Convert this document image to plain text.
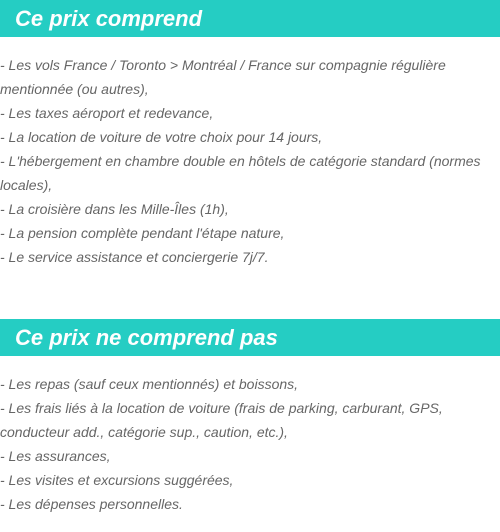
Ce prix comprend
- Les vols France / Toronto > Montréal / France sur compagnie régulière mentionnée (ou autres),
- Les taxes aéroport et redevance,
- La location de voiture de votre choix pour 14 jours,
- L'hébergement en chambre double en hôtels de catégorie standard (normes locales),
- La croisière dans les Mille-Îles (1h),
- La pension complète pendant l'étape nature,
- Le service assistance et conciergerie 7j/7.
Ce prix ne comprend pas
- Les repas (sauf ceux mentionnés) et boissons,
- Les frais liés à la location de voiture (frais de parking, carburant, GPS, conducteur add., catégorie sup., caution, etc.),
- Les assurances,
- Les visites et excursions suggérées,
- Les dépenses personnelles.
